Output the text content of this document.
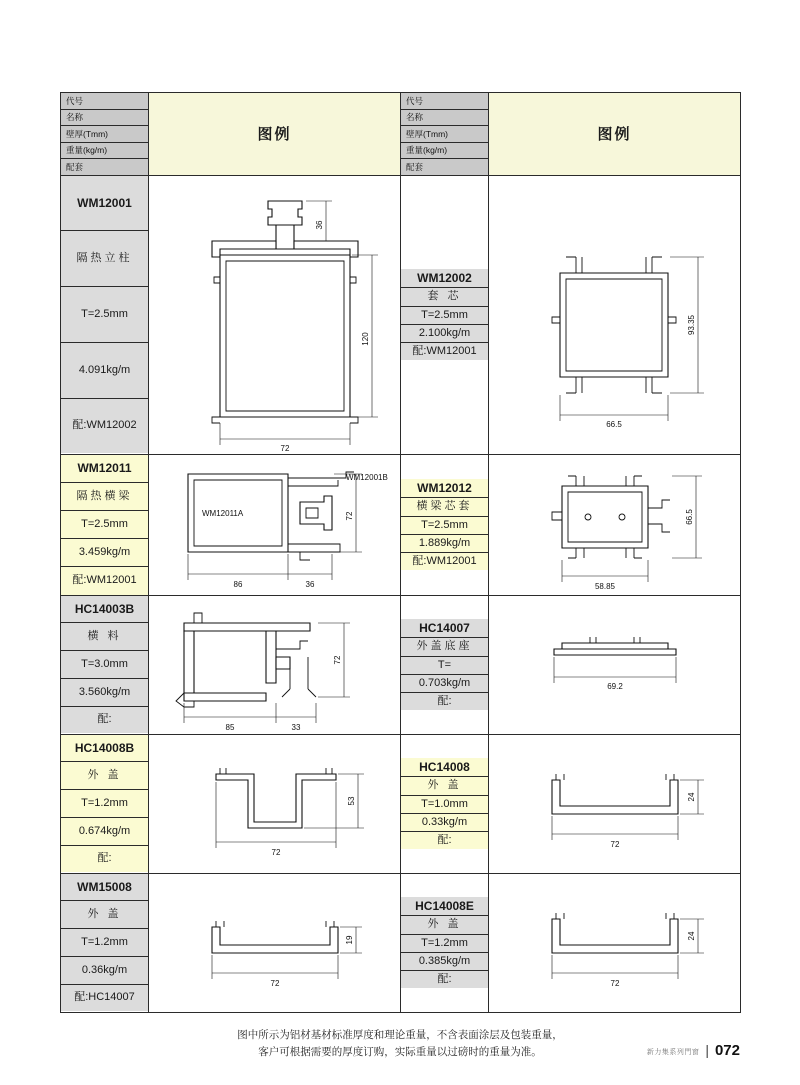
代号
名称
壁厚(Tmm)
重量(kg/m)
配套
	图例	
代号
名称
壁厚(Tmm)
重量(kg/m)
配套
	图例

WM12001
隔热立柱
T=2.5mm
4.091kg/m
配:WM12002

36
120
72

WM12002
套 芯
T=2.5mm
2.100kg/m
配:WM12001

93.35
66.5

WM12011
隔热横梁
T=2.5mm
3.459kg/m
配:WM12001

WM12011A
WM12001B
72
86	36

WM12012
横梁芯套
T=2.5mm
1.889kg/m
配:WM12001

66.5
58.85

HC14003B
横 料
T=3.0mm
3.560kg/m
配:

72
85	33

HC14007
外盖底座
T=
0.703kg/m
配:

69.2

HC14008B
外 盖
T=1.2mm
0.674kg/m
配:

53
72

HC14008
外 盖
T=1.0mm
0.33kg/m
配:

24
72

WM15008
外 盖
T=1.2mm
0.36kg/m
配:HC14007

19
72

HC14008E
外 盖
T=1.2mm
0.385kg/m
配:

24
72
图中所示为铝材基材标准厚度和理论重量，不含表面涂层及包装重量，
客户可根据需要的厚度订购，实际重量以过磅时的重量为准。	新力集系列門窗 | 072
